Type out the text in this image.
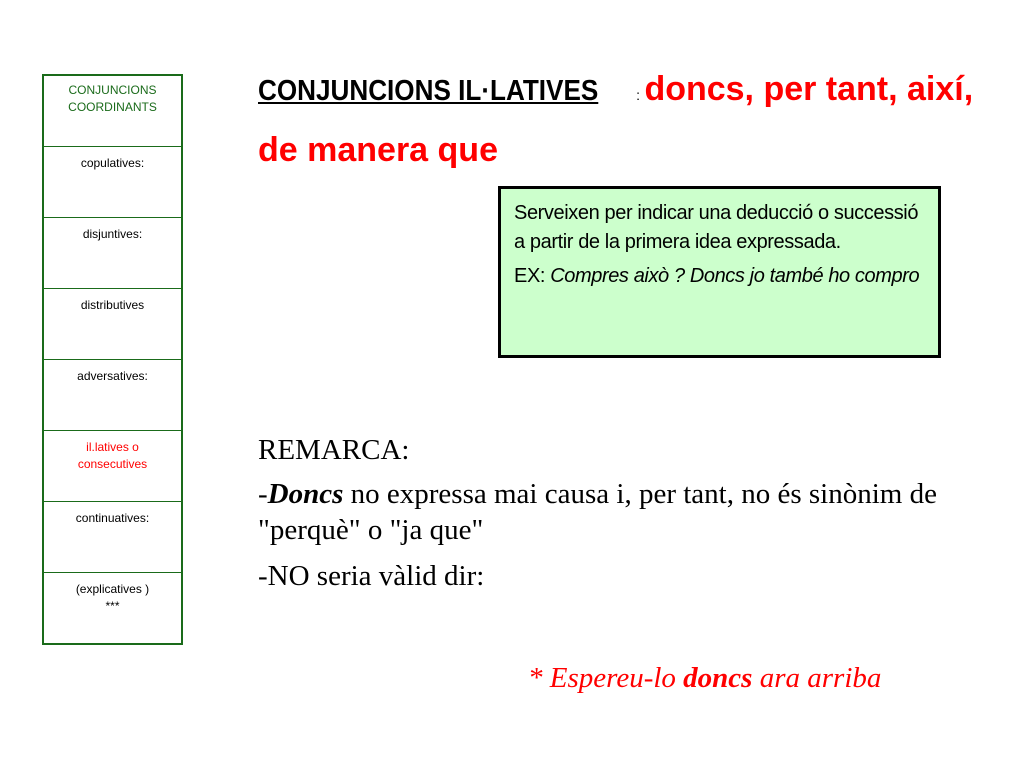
CONJUNCIONS
COORDINANTS
copulatives:
disjuntives:
distributives
adversatives:
il.latives o
consecutives
continuatives:
(explicatives )
***
CONJUNCIONS IL·LATIVES	: doncs, per tant, així, de manera que

Serveixen per indicar una deducció o successió a partir de la primera idea expressada.

EX: Compres això ? Doncs jo també ho compro

REMARCA:

-Doncs no expressa mai causa i, per tant, no és sinònim de "perquè" o "ja que"

-NO seria vàlid dir:

* Espereu-lo doncs ara arriba
